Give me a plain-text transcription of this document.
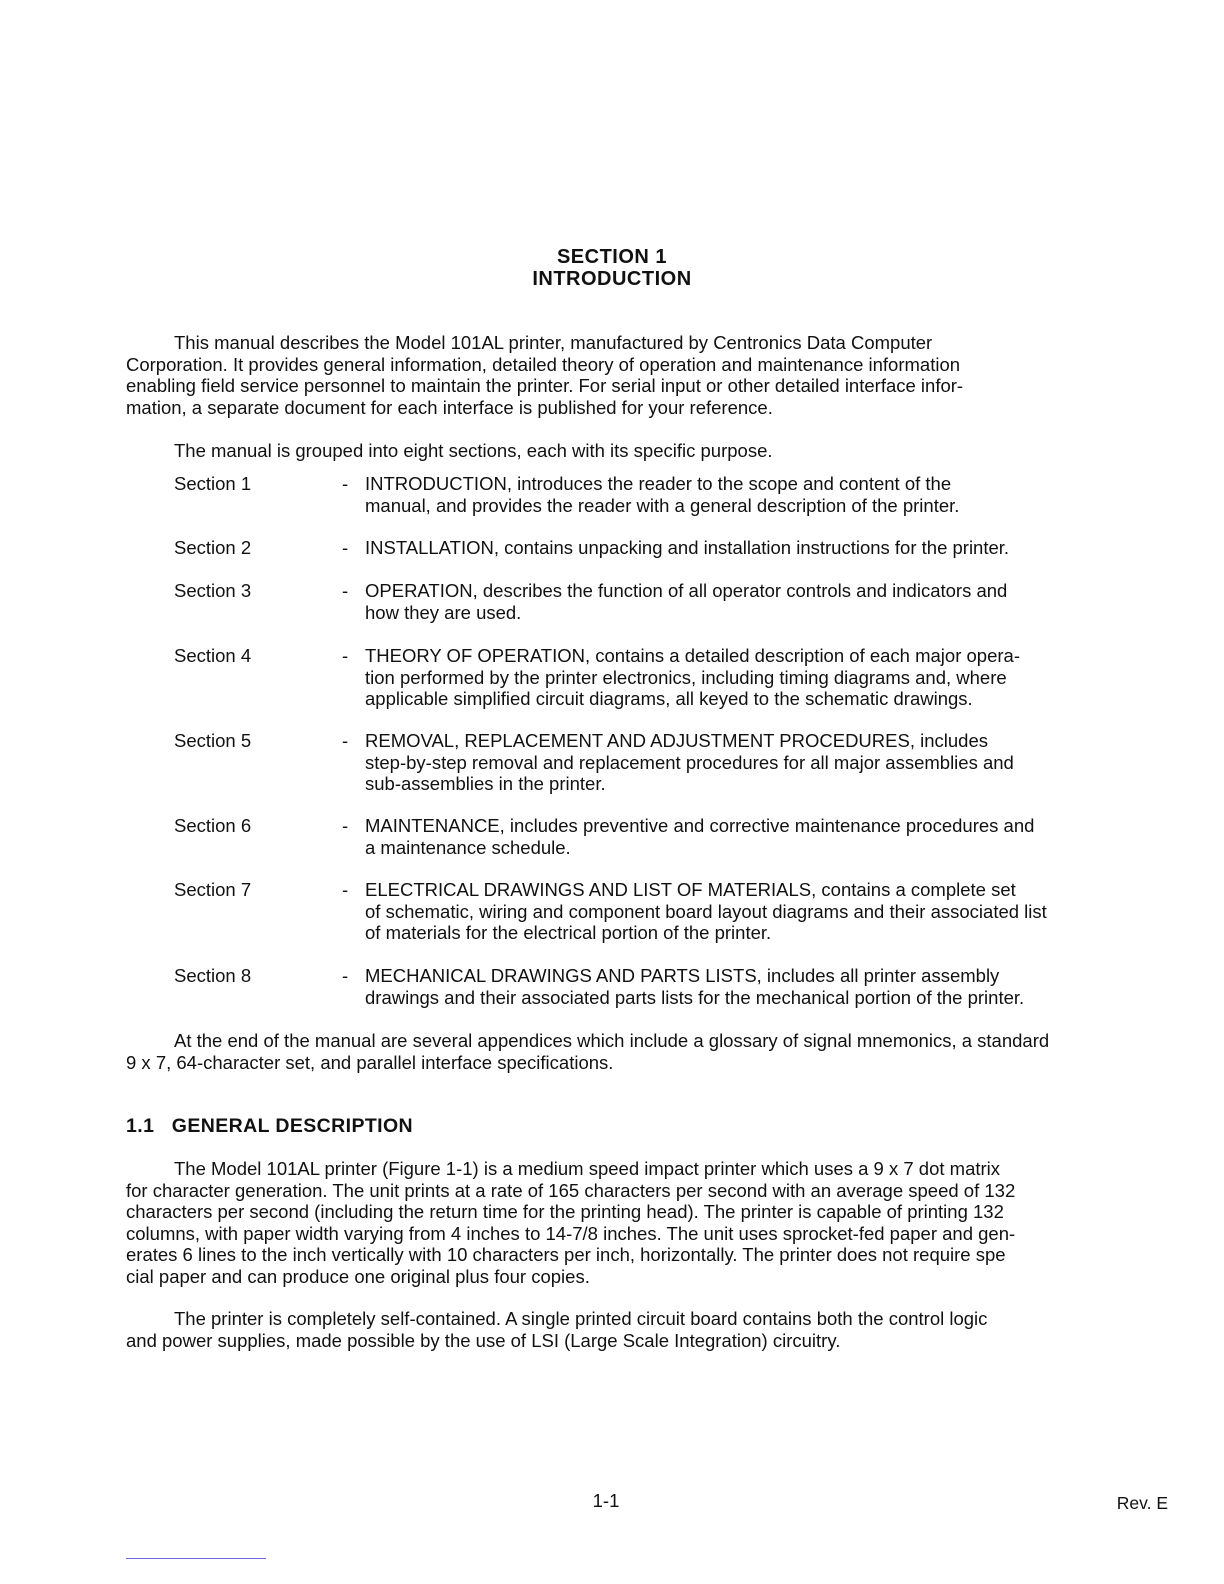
SECTION 1
INTRODUCTION

This manual describes the Model 101AL printer, manufactured by Centronics Data Computer
Corporation. It provides general information, detailed theory of operation and maintenance information
enabling field service personnel to maintain the printer. For serial input or other detailed interface infor-
mation, a separate document for each interface is published for your reference.

The manual is grouped into eight sections, each with its specific purpose.

Section 1	- INTRODUCTION, introduces the reader to the scope and content of the
manual, and provides the reader with a general description of the printer.
Section 2	- INSTALLATION, contains unpacking and installation instructions for the printer.
Section 3	- OPERATION, describes the function of all operator controls and indicators and
how they are used.
Section 4	- THEORY OF OPERATION, contains a detailed description of each major opera-
tion performed by the printer electronics, including timing diagrams and, where
applicable simplified circuit diagrams, all keyed to the schematic drawings.
Section 5	- REMOVAL, REPLACEMENT AND ADJUSTMENT PROCEDURES, includes
step-by-step removal and replacement procedures for all major assemblies and
sub-assemblies in the printer.
Section 6	- MAINTENANCE, includes preventive and corrective maintenance procedures and
a maintenance schedule.
Section 7	- ELECTRICAL DRAWINGS AND LIST OF MATERIALS, contains a complete set
of schematic, wiring and component board layout diagrams and their associated list
of materials for the electrical portion of the printer.
Section 8	- MECHANICAL DRAWINGS AND PARTS LISTS, includes all printer assembly
drawings and their associated parts lists for the mechanical portion of the printer.

At the end of the manual are several appendices which include a glossary of signal mnemonics, a standard
9 x 7, 64-character set, and parallel interface specifications.

1.1   GENERAL DESCRIPTION

The Model 101AL printer (Figure 1-1) is a medium speed impact printer which uses a 9 x 7 dot matrix
for character generation. The unit prints at a rate of 165 characters per second with an average speed of 132
characters per second (including the return time for the printing head). The printer is capable of printing 132
columns, with paper width varying from 4 inches to 14-7/8 inches. The unit uses sprocket-fed paper and gen-
erates 6 lines to the inch vertically with 10 characters per inch, horizontally. The printer does not require spe
cial paper and can produce one original plus four copies.

The printer is completely self-contained. A single printed circuit board contains both the control logic
and power supplies, made possible by the use of LSI (Large Scale Integration) circuitry.

1-1	Rev. E
